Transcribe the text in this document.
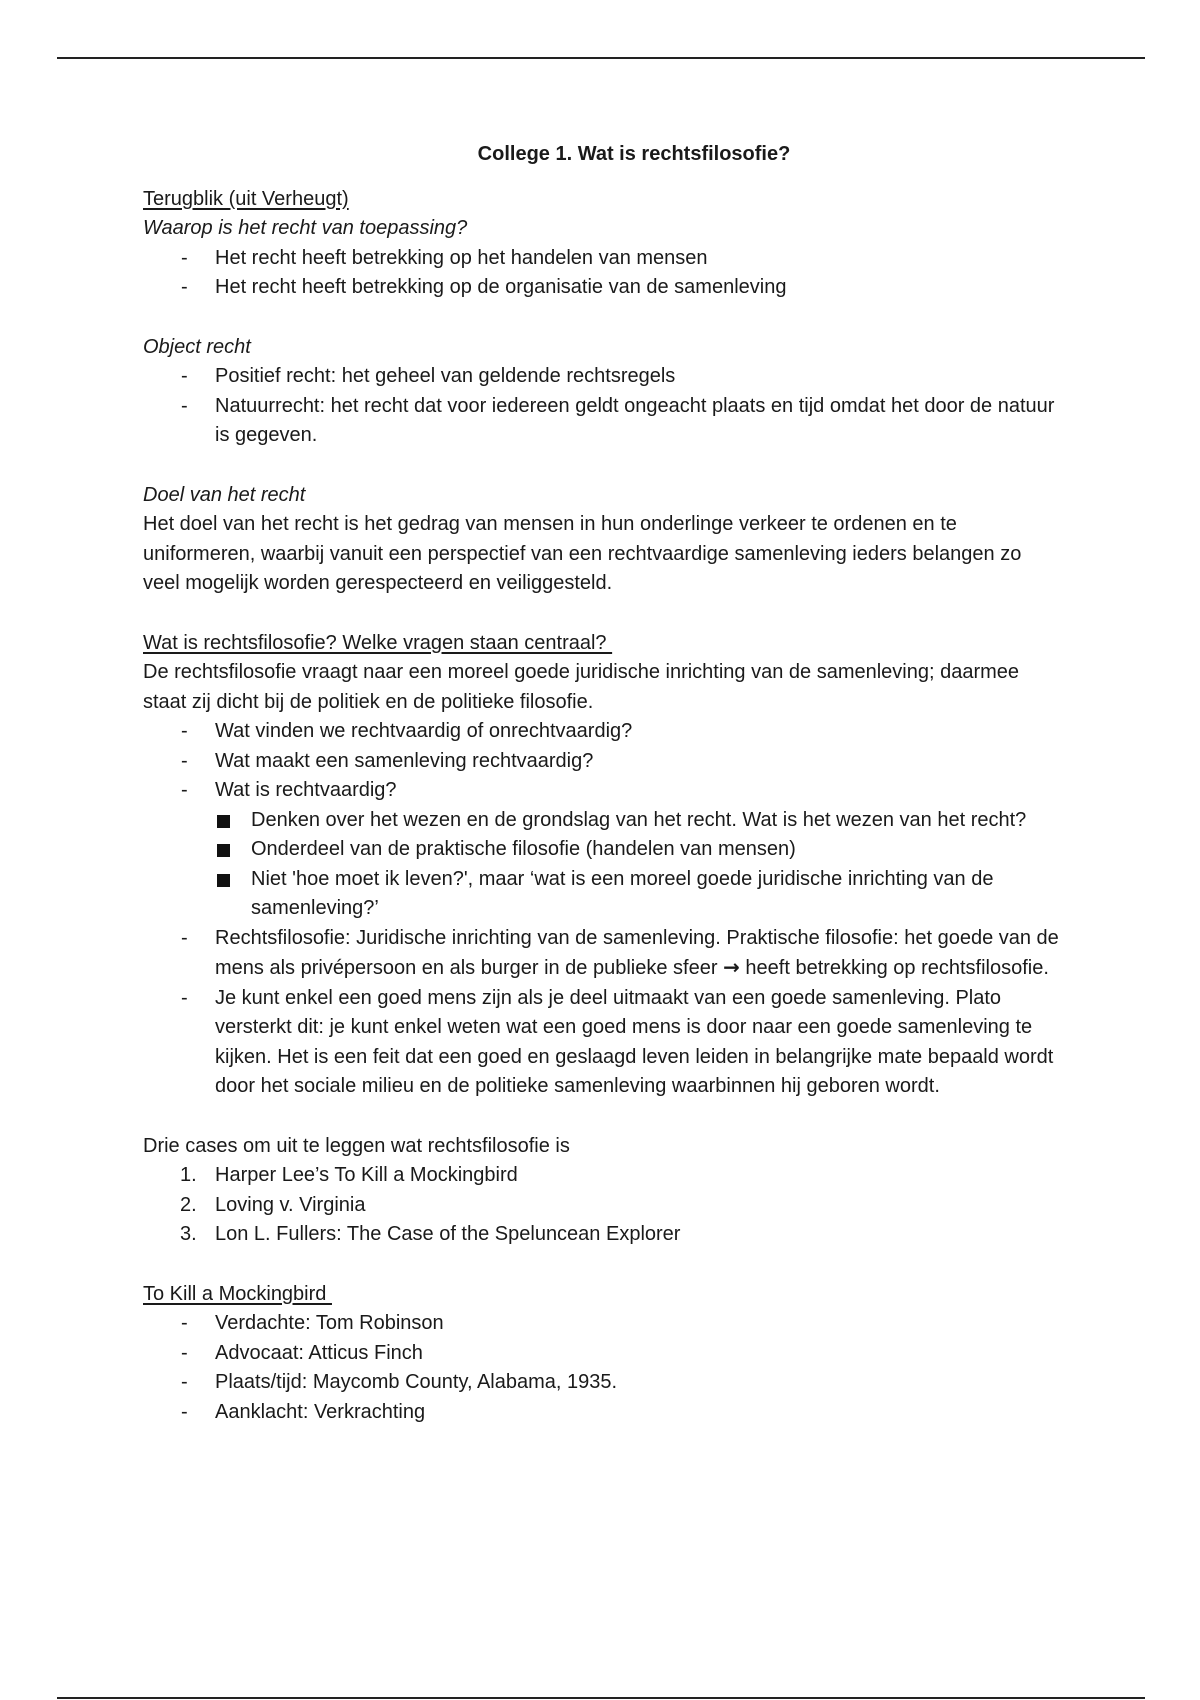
College 1. Wat is rechtsfilosofie?

Terugblik (uit Verheugt)

Waarop is het recht van toepassing?

- Het recht heeft betrekking op het handelen van mensen
- Het recht heeft betrekking op de organisatie van de samenleving

Object recht

- Positief recht: het geheel van geldende rechtsregels
- Natuurrecht: het recht dat voor iedereen geldt ongeacht plaats en tijd omdat het door de natuur is gegeven.

Doel van het recht

Het doel van het recht is het gedrag van mensen in hun onderlinge verkeer te ordenen en te uniformeren, waarbij vanuit een perspectief van een rechtvaardige samenleving ieders belangen zo veel mogelijk worden gerespecteerd en veiliggesteld.

Wat is rechtsfilosofie? Welke vragen staan centraal?

De rechtsfilosofie vraagt naar een moreel goede juridische inrichting van de samenleving; daarmee staat zij dicht bij de politiek en de politieke filosofie.

- Wat vinden we rechtvaardig of onrechtvaardig?
- Wat maakt een samenleving rechtvaardig?
- Wat is rechtvaardig?
Denken over het wezen en de grondslag van het recht. Wat is het wezen van het recht?
Onderdeel van de praktische filosofie (handelen van mensen)
Niet 'hoe moet ik leven?', maar ‘wat is een moreel goede juridische inrichting van de samenleving?’
- Rechtsfilosofie: Juridische inrichting van de samenleving. Praktische filosofie: het goede van de mens als privépersoon en als burger in de publieke sfeer → heeft betrekking op rechtsfilosofie.
- Je kunt enkel een goed mens zijn als je deel uitmaakt van een goede samenleving. Plato versterkt dit: je kunt enkel weten wat een goed mens is door naar een goede samenleving te kijken. Het is een feit dat een goed en geslaagd leven leiden in belangrijke mate bepaald wordt door het sociale milieu en de politieke samenleving waarbinnen hij geboren wordt.

Drie cases om uit te leggen wat rechtsfilosofie is

1. Harper Lee’s To Kill a Mockingbird
2. Loving v. Virginia
3. Lon L. Fullers: The Case of the Speluncean Explorer

To Kill a Mockingbird

- Verdachte: Tom Robinson
- Advocaat: Atticus Finch
- Plaats/tijd: Maycomb County, Alabama, 1935.
- Aanklacht: Verkrachting
